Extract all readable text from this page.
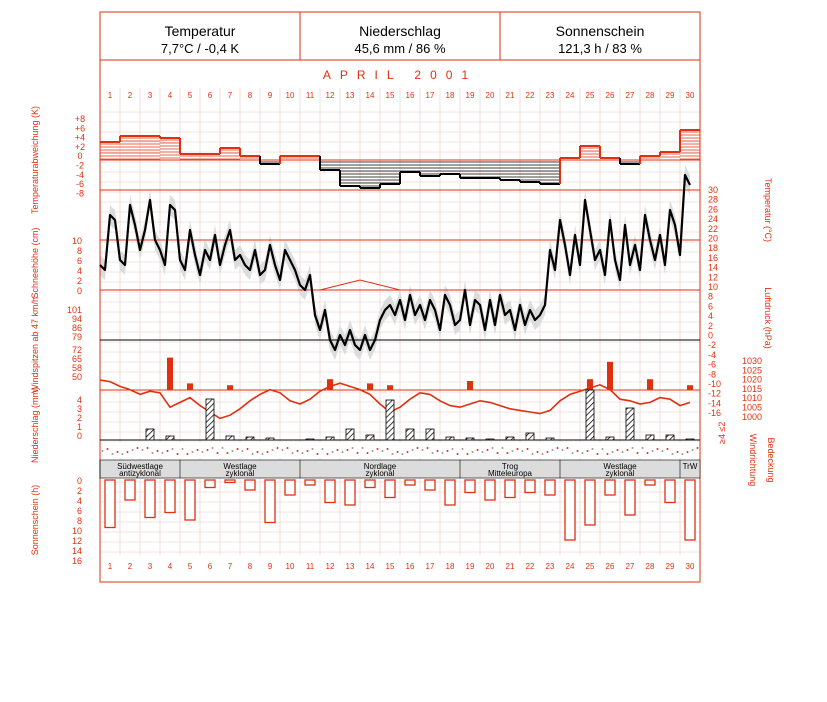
Temperatur
7,7°C / -0,4 K
Niederschlag
45,6 mm / 86 %
Sonnenschein
121,3 h / 83 %
APRIL 2001
1 2 3 4 5 6 7 8 9 10 11 12 13 14 15 16 17 18 19 20 21 22 23 24 25 26 27 28 29 30
1 2 3 4 5 6 7 8 9 10 11 12 13 14 15 16 17 18 19 20 21 22 23 24 25 26 27 28 29 30
+8
+6
+4
+2
0
-2
-4
-6
-8
10
8
6
4
2
0
101
94
86
79
72
65
58
50
4
3
2
1
0
0
2
4
6
8
10
12
14
16
30
28
26
24
22
20
18
16
14
12
10
8
6
4
2
0
-2
-4
-6
-8
-10
-12
-14
-16
1030
1025
1020
1015
1010
1005
1000
≥4 ≤2
Temperaturabweichung (K)
Schneehöhe (cm)
Windspitzen ab 47 km/h
Niederschlag (mm)
Sonnenschein (h)
Temperatur (°C)
Luftdruck (hPa)
Windrichtung Bedeckung
Südwestlage
antizyklonal
Westlage
zyklonal
Nordlage
zyklonal
Trog
Mitteleuropa
Westlage
zyklonal
TrW
